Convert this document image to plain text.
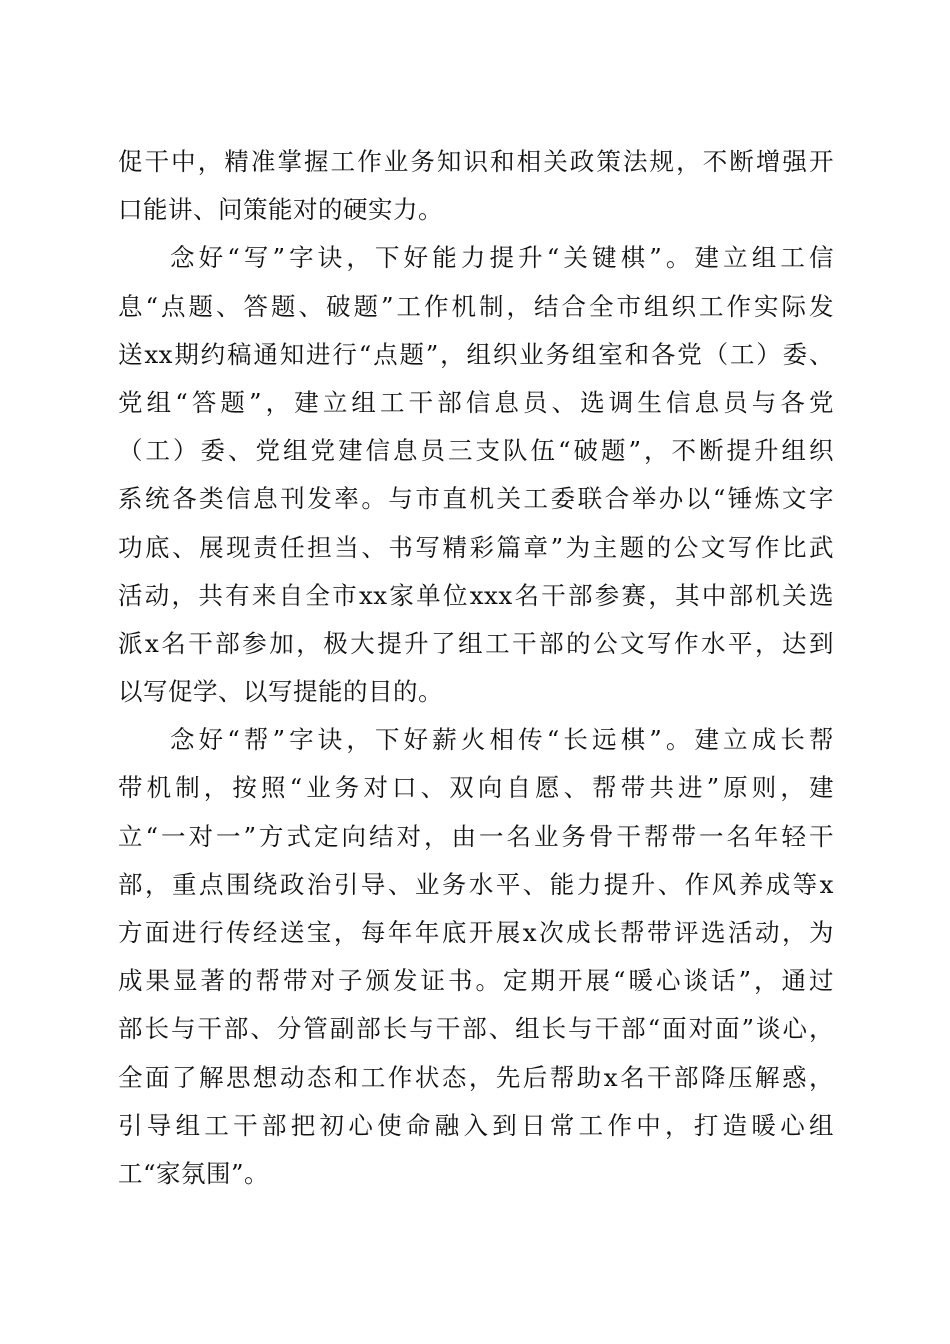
促干中，精准掌握工作业务知识和相关政策法规，不断增强开
口能讲、问策能对的硬实力。
念好“写”字诀，下好能力提升“关键棋”。建立组工信
息“点题、答题、破题”工作机制，结合全市组织工作实际发
送xx期约稿通知进行“点题”，组织业务组室和各党（工）委、
党组“答题”，建立组工干部信息员、选调生信息员与各党
（工）委、党组党建信息员三支队伍“破题”，不断提升组织
系统各类信息刊发率。与市直机关工委联合举办以“锤炼文字
功底、展现责任担当、书写精彩篇章”为主题的公文写作比武
活动，共有来自全市xx家单位xxx名干部参赛，其中部机关选
派x名干部参加，极大提升了组工干部的公文写作水平，达到
以写促学、以写提能的目的。
念好“帮”字诀，下好薪火相传“长远棋”。建立成长帮
带机制，按照“业务对口、双向自愿、帮带共进”原则，建
立“一对一”方式定向结对，由一名业务骨干帮带一名年轻干
部，重点围绕政治引导、业务水平、能力提升、作风养成等x
方面进行传经送宝，每年年底开展x次成长帮带评选活动，为
成果显著的帮带对子颁发证书。定期开展“暖心谈话”，通过
部长与干部、分管副部长与干部、组长与干部“面对面”谈心，
全面了解思想动态和工作状态，先后帮助x名干部降压解惑，
引导组工干部把初心使命融入到日常工作中，打造暖心组
工“家氛围”。
